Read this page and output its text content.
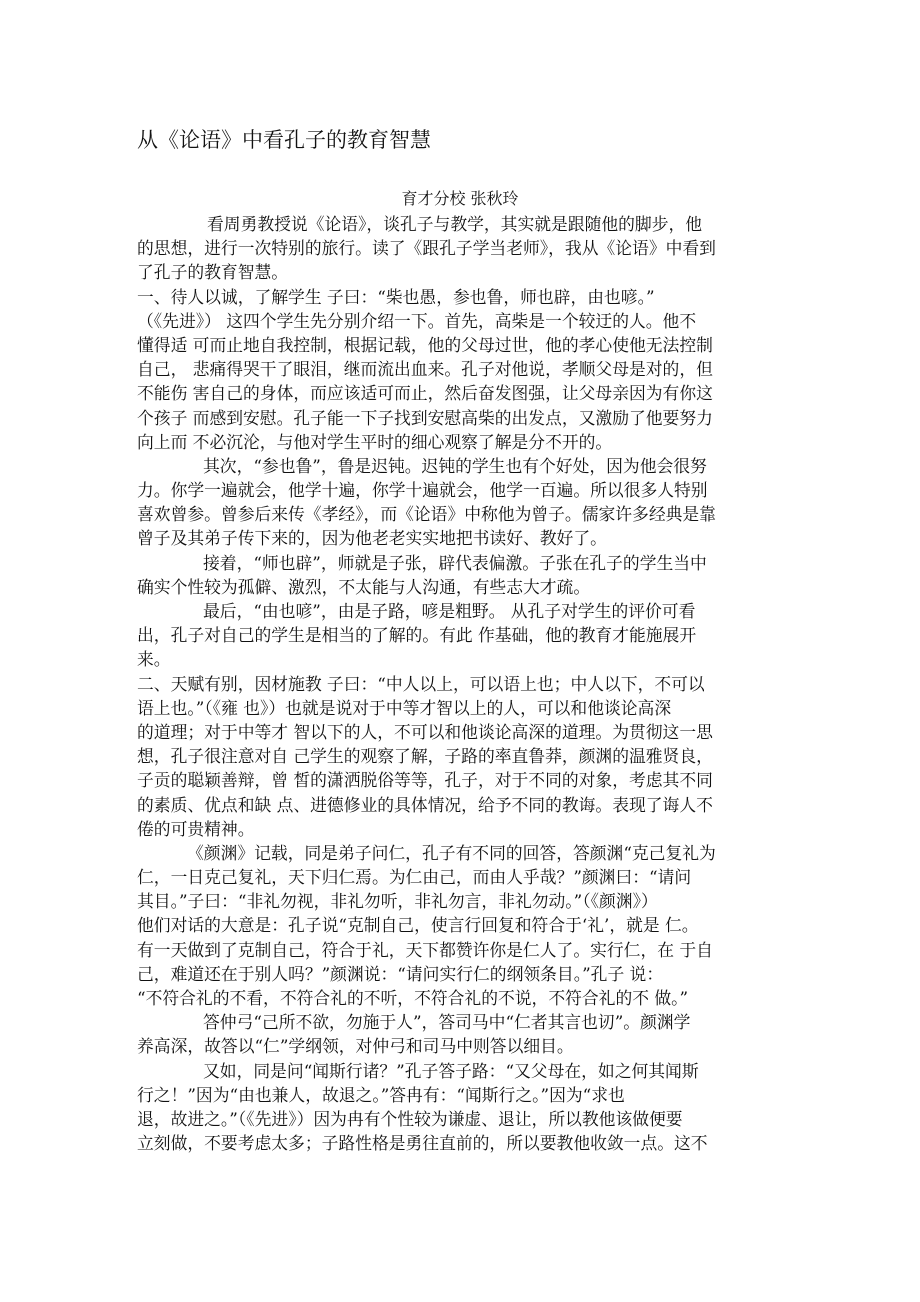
从《论语》中看孔子的教育智慧
育才分校 张秋玲
看周勇教授说《论语》，谈孔子与教学，其实就是跟随他的脚步，他
的思想，进行一次特别的旅行。读了《跟孔子学当老师》，我从《论语》中看到
了孔子的教育智慧。
一、待人以诚，了解学生 子曰：“柴也愚，参也鲁，师也辟，由也喭。”
（《先进》） 这四个学生先分别介绍一下。首先，高柴是一个较迂的人。他不
懂得适 可而止地自我控制，根据记载，他的父母过世，他的孝心使他无法控制
自己， 悲痛得哭干了眼泪，继而流出血来。孔子对他说，孝顺父母是对的，但
不能伤 害自己的身体，而应该适可而止，然后奋发图强，让父母亲因为有你这
个孩子 而感到安慰。孔子能一下子找到安慰高柴的出发点，又激励了他要努力
向上而 不必沉沦，与他对学生平时的细心观察了解是分不开的。
其次，“参也鲁”，鲁是迟钝。迟钝的学生也有个好处，因为他会很努
力。你学一遍就会，他学十遍，你学十遍就会，他学一百遍。所以很多人特别
喜欢曾参。曾参后来传《孝经》，而《论语》中称他为曾子。儒家许多经典是靠
曾子及其弟子传下来的，因为他老老实实地把书读好、教好了。
接着，“师也辟”，师就是子张，辟代表偏激。子张在孔子的学生当中
确实个性较为孤僻、激烈，不太能与人沟通，有些志大才疏。
最后，“由也喭”，由是子路，喭是粗野。 从孔子对学生的评价可看
出，孔子对自己的学生是相当的了解的。有此 作基础，他的教育才能施展开
来。
二、天赋有别，因材施教 子曰：“中人以上，可以语上也；中人以下，不可以
语上也。”（《雍 也》）也就是说对于中等才智以上的人，可以和他谈论高深
的道理；对于中等才 智以下的人，不可以和他谈论高深的道理。为贯彻这一思
想，孔子很注意对自 己学生的观察了解，子路的率直鲁莽，颜渊的温雅贤良，
子贡的聪颖善辩，曾 皙的潇洒脱俗等等，孔子，对于不同的对象，考虑其不同
的素质、优点和缺 点、进德修业的具体情况，给予不同的教诲。表现了诲人不
倦的可贵精神。
《颜渊》记载，同是弟子问仁，孔子有不同的回答，答颜渊“克己复礼为
仁，一日克己复礼，天下归仁焉。为仁由己，而由人乎哉？”颜渊曰：“请问
其目。”子曰：“非礼勿视，非礼勿听，非礼勿言，非礼勿动。”（《颜渊》）
他们对话的大意是：孔子说“克制自己，使言行回复和符合于‘礼’，就是 仁。
有一天做到了克制自己，符合于礼，天下都赞许你是仁人了。实行仁，在 于自
己，难道还在于别人吗？”颜渊说：“请问实行仁的纲领条目。”孔子 说：
“不符合礼的不看，不符合礼的不听，不符合礼的不说，不符合礼的不 做。”
答仲弓“己所不欲，勿施于人”，答司马中“仁者其言也讱”。颜渊学
养高深，故答以“仁”学纲领，对仲弓和司马中则答以细目。
又如，同是问“闻斯行诸？”孔子答子路：“又父母在，如之何其闻斯
行之！”因为“由也兼人，故退之。”答冉有：“闻斯行之。”因为“求也
退，故进之。”（《先进》）因为冉有个性较为谦虚、退让，所以教他该做便要
立刻做，不要考虑太多；子路性格是勇往直前的，所以要教他收敛一点。这不
